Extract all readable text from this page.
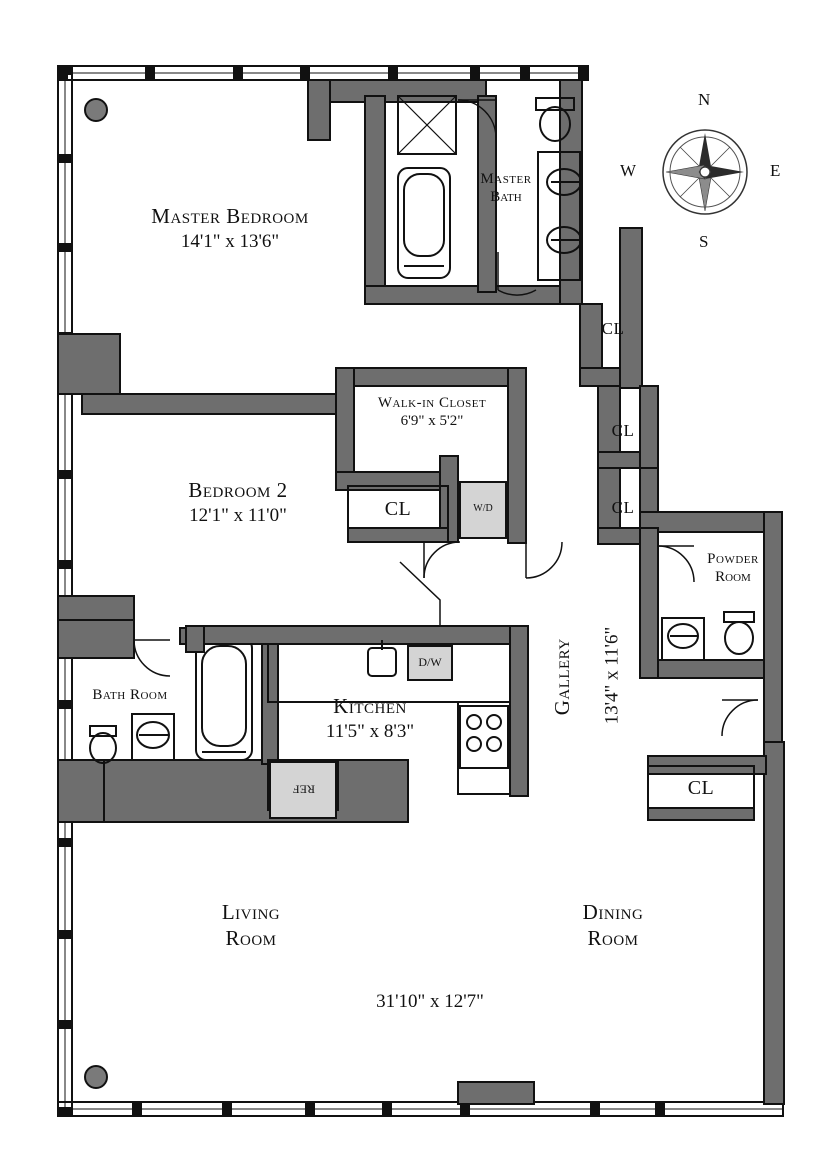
Master Bedroom
14'1" x 13'6"
Master
Bath
Bedroom 2
12'1" x 11'0"
Walk-in Closet
6'9" x 5'2"
Bath Room	Kitchen
11'5" x 8'3"
Powder
Room
Gallery 13'4" x 11'6"
Living
Room
Dining
Room
31'10" x 12'7"
CL
CL
CL
CL
CL
W/D
D/W
REF
N
E
S
W
